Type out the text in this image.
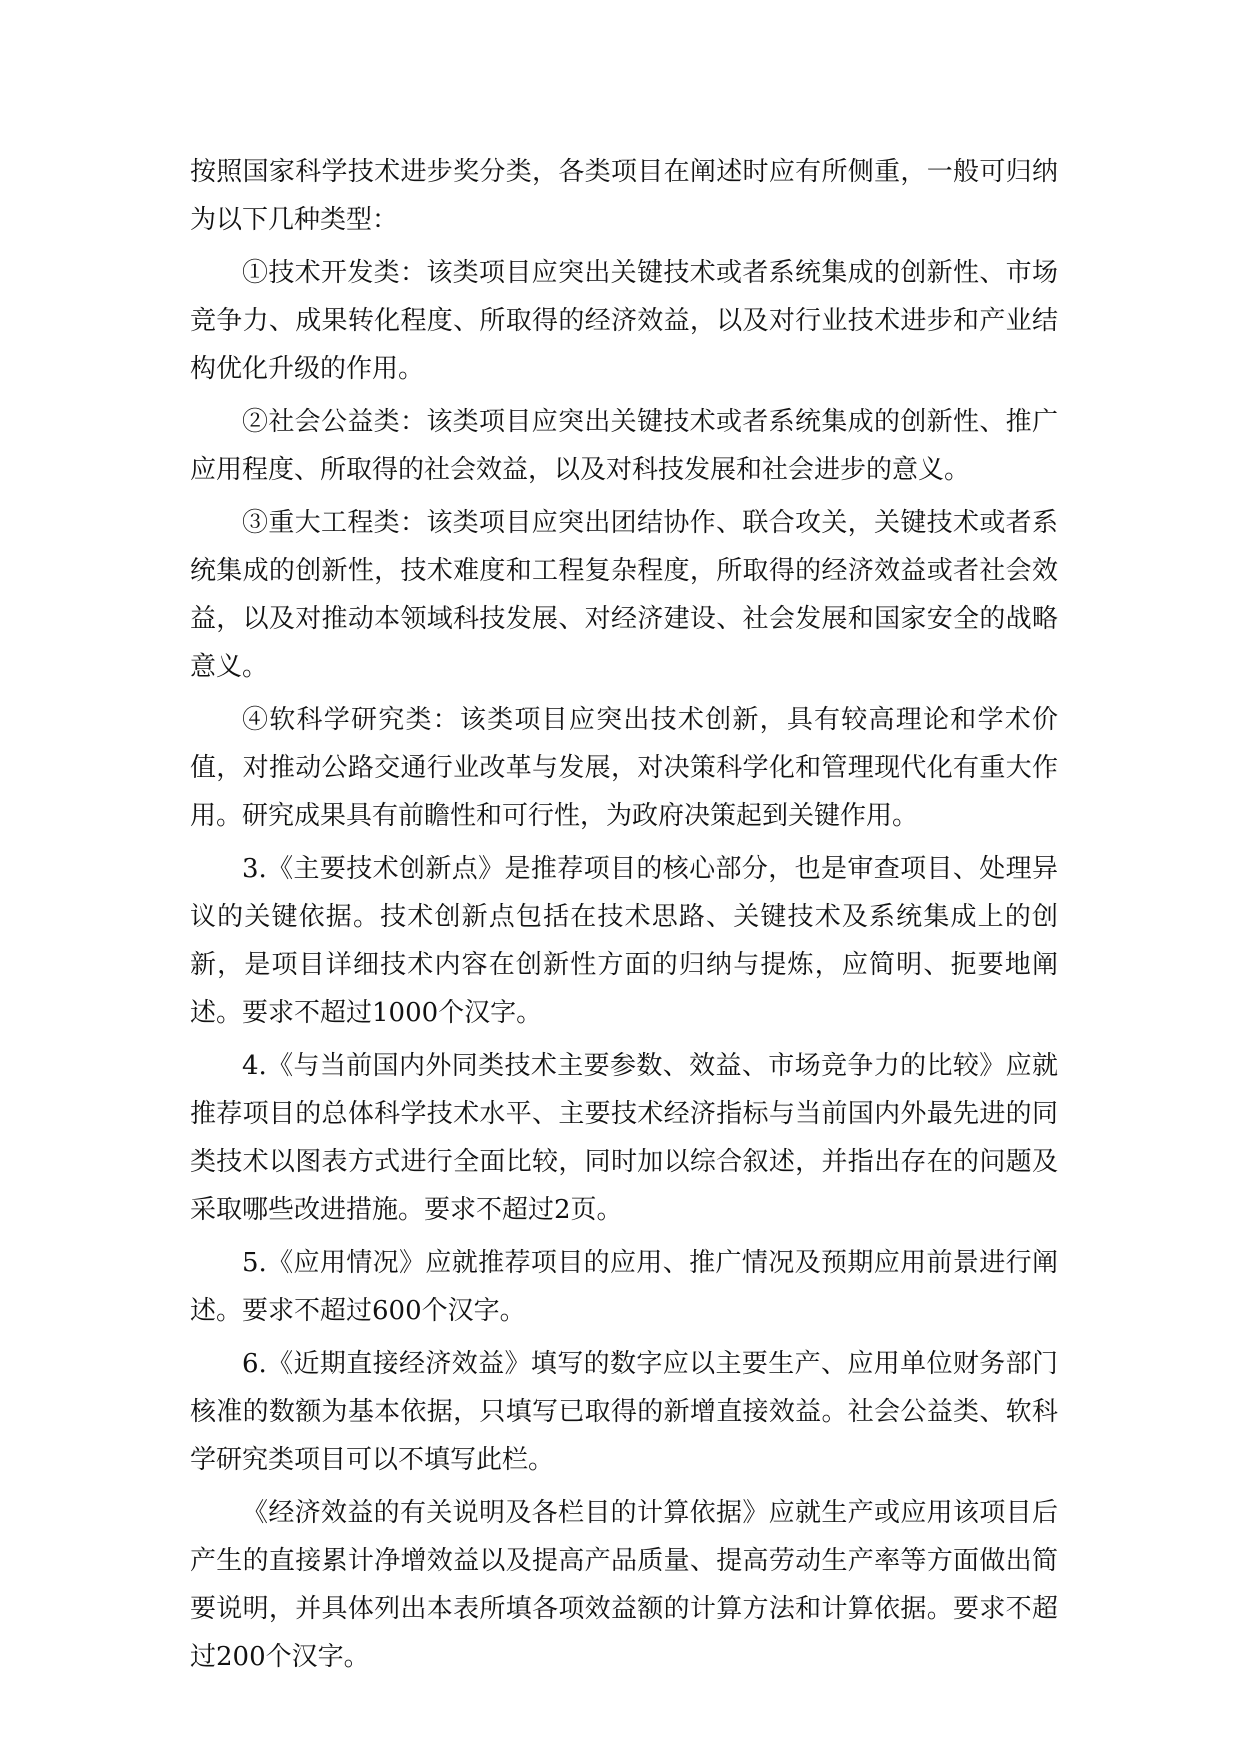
按照国家科学技术进步奖分类，各类项目在阐述时应有所侧重，一般可归纳为以下几种类型：

①技术开发类：该类项目应突出关键技术或者系统集成的创新性、市场竞争力、成果转化程度、所取得的经济效益，以及对行业技术进步和产业结构优化升级的作用。

②社会公益类：该类项目应突出关键技术或者系统集成的创新性、推广应用程度、所取得的社会效益，以及对科技发展和社会进步的意义。

③重大工程类：该类项目应突出团结协作、联合攻关，关键技术或者系统集成的创新性，技术难度和工程复杂程度，所取得的经济效益或者社会效益，以及对推动本领域科技发展、对经济建设、社会发展和国家安全的战略意义。

④软科学研究类：该类项目应突出技术创新，具有较高理论和学术价值，对推动公路交通行业改革与发展，对决策科学化和管理现代化有重大作用。研究成果具有前瞻性和可行性，为政府决策起到关键作用。

3.《主要技术创新点》是推荐项目的核心部分，也是审查项目、处理异议的关键依据。技术创新点包括在技术思路、关键技术及系统集成上的创新，是项目详细技术内容在创新性方面的归纳与提炼，应简明、扼要地阐述。要求不超过1000个汉字。

4.《与当前国内外同类技术主要参数、效益、市场竞争力的比较》应就推荐项目的总体科学技术水平、主要技术经济指标与当前国内外最先进的同类技术以图表方式进行全面比较，同时加以综合叙述，并指出存在的问题及采取哪些改进措施。要求不超过2页。

5.《应用情况》应就推荐项目的应用、推广情况及预期应用前景进行阐述。要求不超过600个汉字。

6.《近期直接经济效益》填写的数字应以主要生产、应用单位财务部门核准的数额为基本依据，只填写已取得的新增直接效益。社会公益类、软科学研究类项目可以不填写此栏。

《经济效益的有关说明及各栏目的计算依据》应就生产或应用该项目后产生的直接累计净增效益以及提高产品质量、提高劳动生产率等方面做出简要说明，并具体列出本表所填各项效益额的计算方法和计算依据。要求不超过200个汉字。
